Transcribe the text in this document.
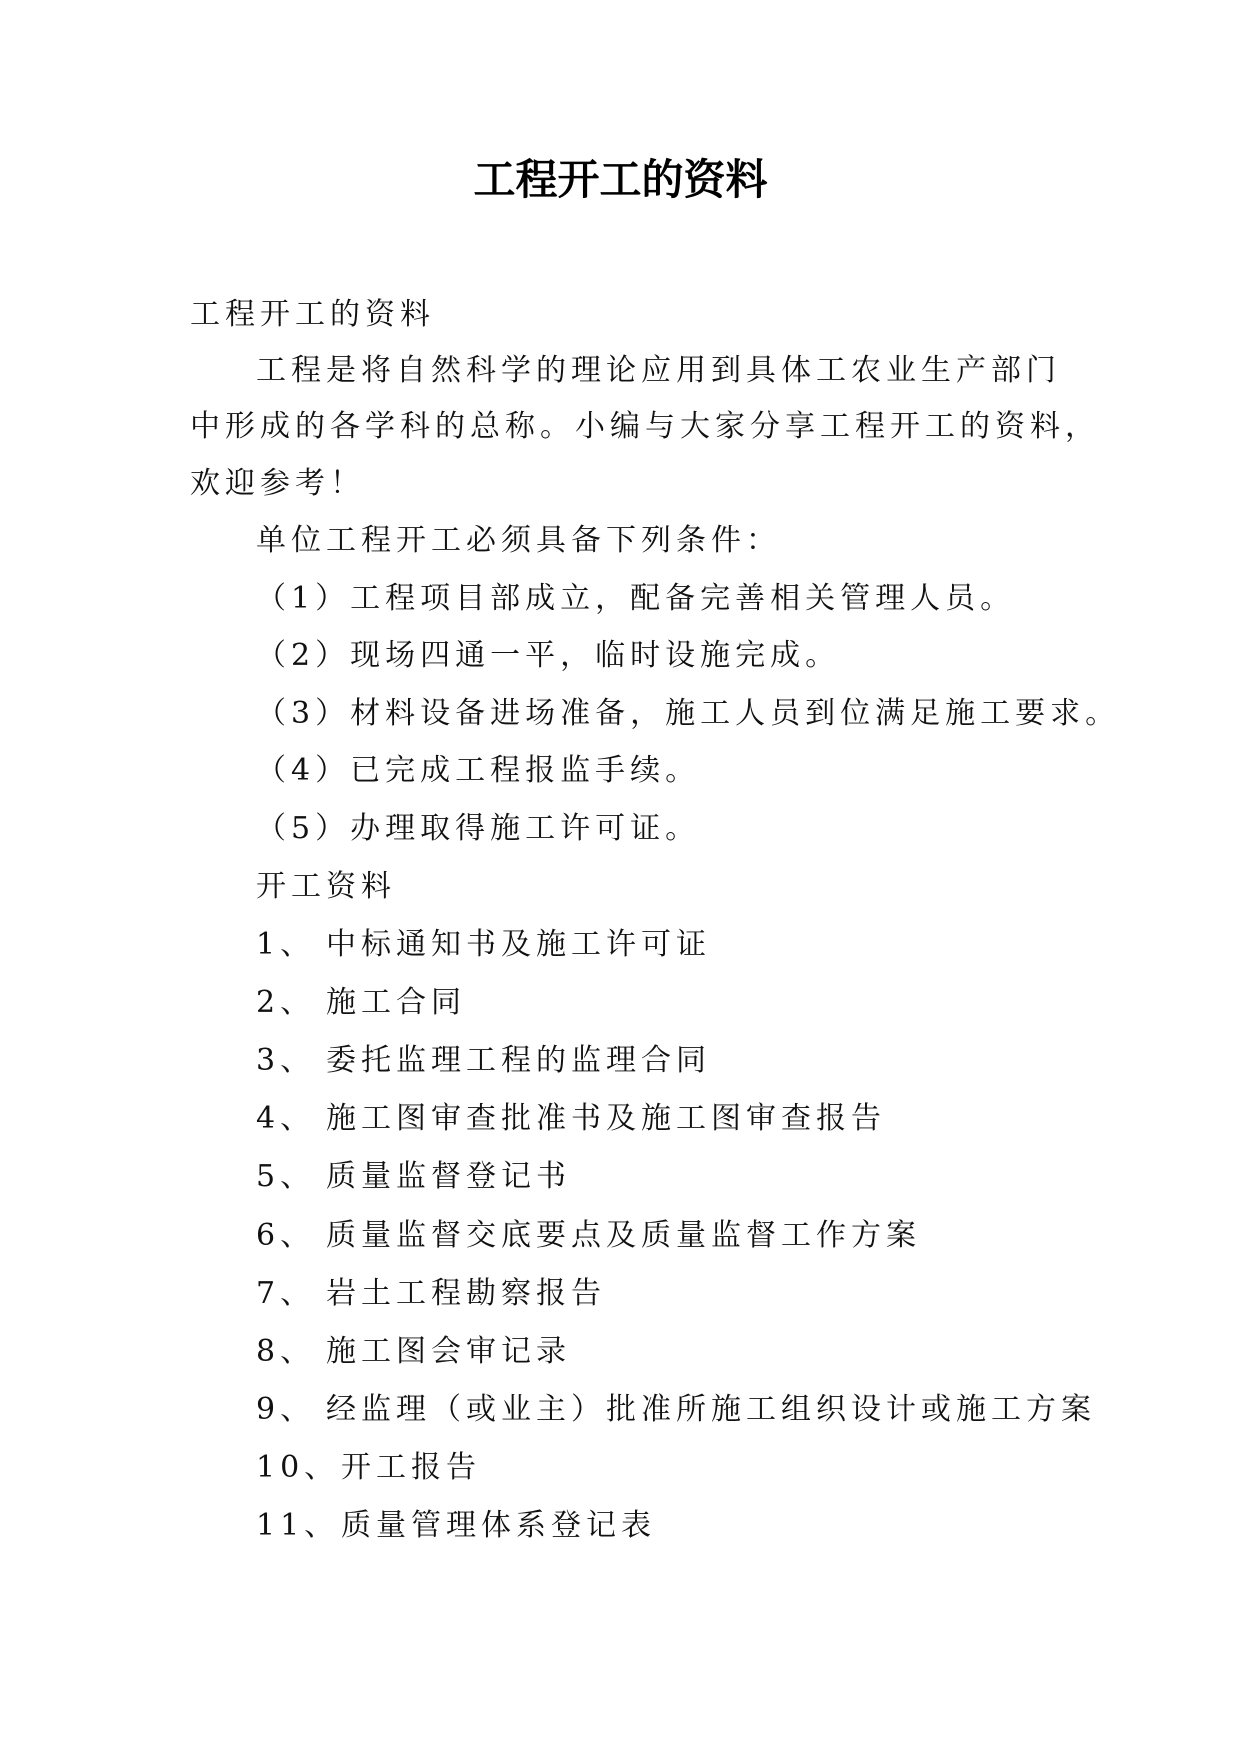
工程开工的资料

工程开工的资料

工程是将自然科学的理论应用到具体工农业生产部门

中形成的各学科的总称。小编与大家分享工程开工的资料，

欢迎参考！

单位工程开工必须具备下列条件：

（1）工程项目部成立，配备完善相关管理人员。

（2）现场四通一平，临时设施完成。

（3）材料设备进场准备，施工人员到位满足施工要求。

（4）已完成工程报监手续。

（5）办理取得施工许可证。

开工资料

1、 中标通知书及施工许可证

2、 施工合同

3、 委托监理工程的监理合同

4、 施工图审查批准书及施工图审查报告

5、 质量监督登记书

6、 质量监督交底要点及质量监督工作方案

7、 岩土工程勘察报告

8、 施工图会审记录

9、 经监理（或业主）批准所施工组织设计或施工方案

10、开工报告

11、质量管理体系登记表
